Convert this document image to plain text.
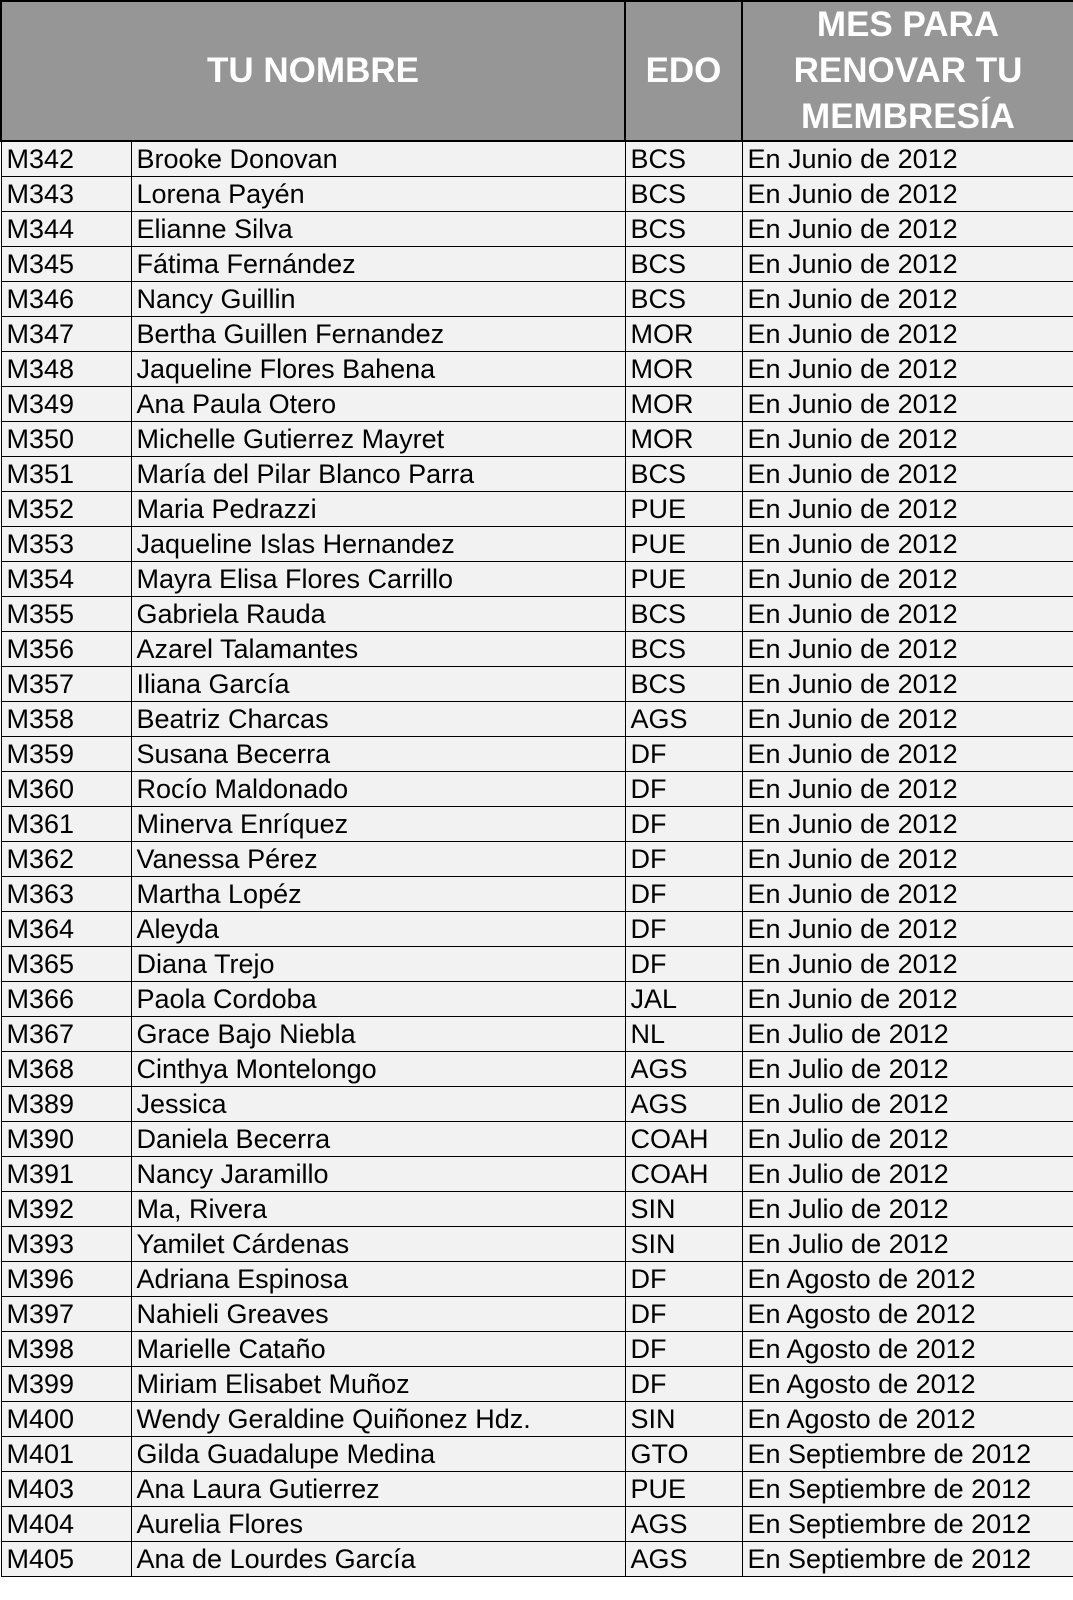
TU NOMBRE		EDO	MES PARA
RENOVAR TU
MEMBRESÍA

M342	Brooke Donovan	BCS	En Junio de 2012
M343	Lorena Payén	BCS	En Junio de 2012
M344	Elianne Silva	BCS	En Junio de 2012
M345	Fátima Fernández	BCS	En Junio de 2012
M346	Nancy Guillin	BCS	En Junio de 2012
M347	Bertha Guillen Fernandez	MOR	En Junio de 2012
M348	Jaqueline Flores Bahena	MOR	En Junio de 2012
M349	Ana Paula Otero	MOR	En Junio de 2012
M350	Michelle Gutierrez Mayret	MOR	En Junio de 2012
M351	María del Pilar Blanco Parra	BCS	En Junio de 2012
M352	Maria Pedrazzi	PUE	En Junio de 2012
M353	Jaqueline Islas Hernandez	PUE	En Junio de 2012
M354	Mayra Elisa Flores Carrillo	PUE	En Junio de 2012
M355	Gabriela Rauda	BCS	En Junio de 2012
M356	Azarel Talamantes	BCS	En Junio de 2012
M357	Iliana García	BCS	En Junio de 2012
M358	Beatriz Charcas	AGS	En Junio de 2012
M359	Susana Becerra	DF	En Junio de 2012
M360	Rocío Maldonado	DF	En Junio de 2012
M361	Minerva Enríquez	DF	En Junio de 2012
M362	Vanessa Pérez	DF	En Junio de 2012
M363	Martha Lopéz	DF	En Junio de 2012
M364	Aleyda	DF	En Junio de 2012
M365	Diana Trejo	DF	En Junio de 2012
M366	Paola Cordoba	JAL	En Junio de 2012
M367	Grace Bajo Niebla	NL	En Julio de 2012
M368	Cinthya Montelongo	AGS	En Julio de 2012
M389	Jessica	AGS	En Julio de 2012
M390	Daniela Becerra	COAH	En Julio de 2012
M391	Nancy Jaramillo	COAH	En Julio de 2012
M392	Ma, Rivera	SIN	En Julio de 2012
M393	Yamilet Cárdenas	SIN	En Julio de 2012
M396	Adriana Espinosa	DF	En Agosto de 2012
M397	Nahieli Greaves	DF	En Agosto de 2012
M398	Marielle Cataño	DF	En Agosto de 2012
M399	Miriam Elisabet Muñoz	DF	En Agosto de 2012
M400	Wendy Geraldine Quiñonez Hdz.	SIN	En Agosto de 2012
M401	Gilda Guadalupe Medina	GTO	En Septiembre de 2012
M403	Ana Laura Gutierrez	PUE	En Septiembre de 2012
M404	Aurelia Flores	AGS	En Septiembre de 2012
M405	Ana de Lourdes García	AGS	En Septiembre de 2012
